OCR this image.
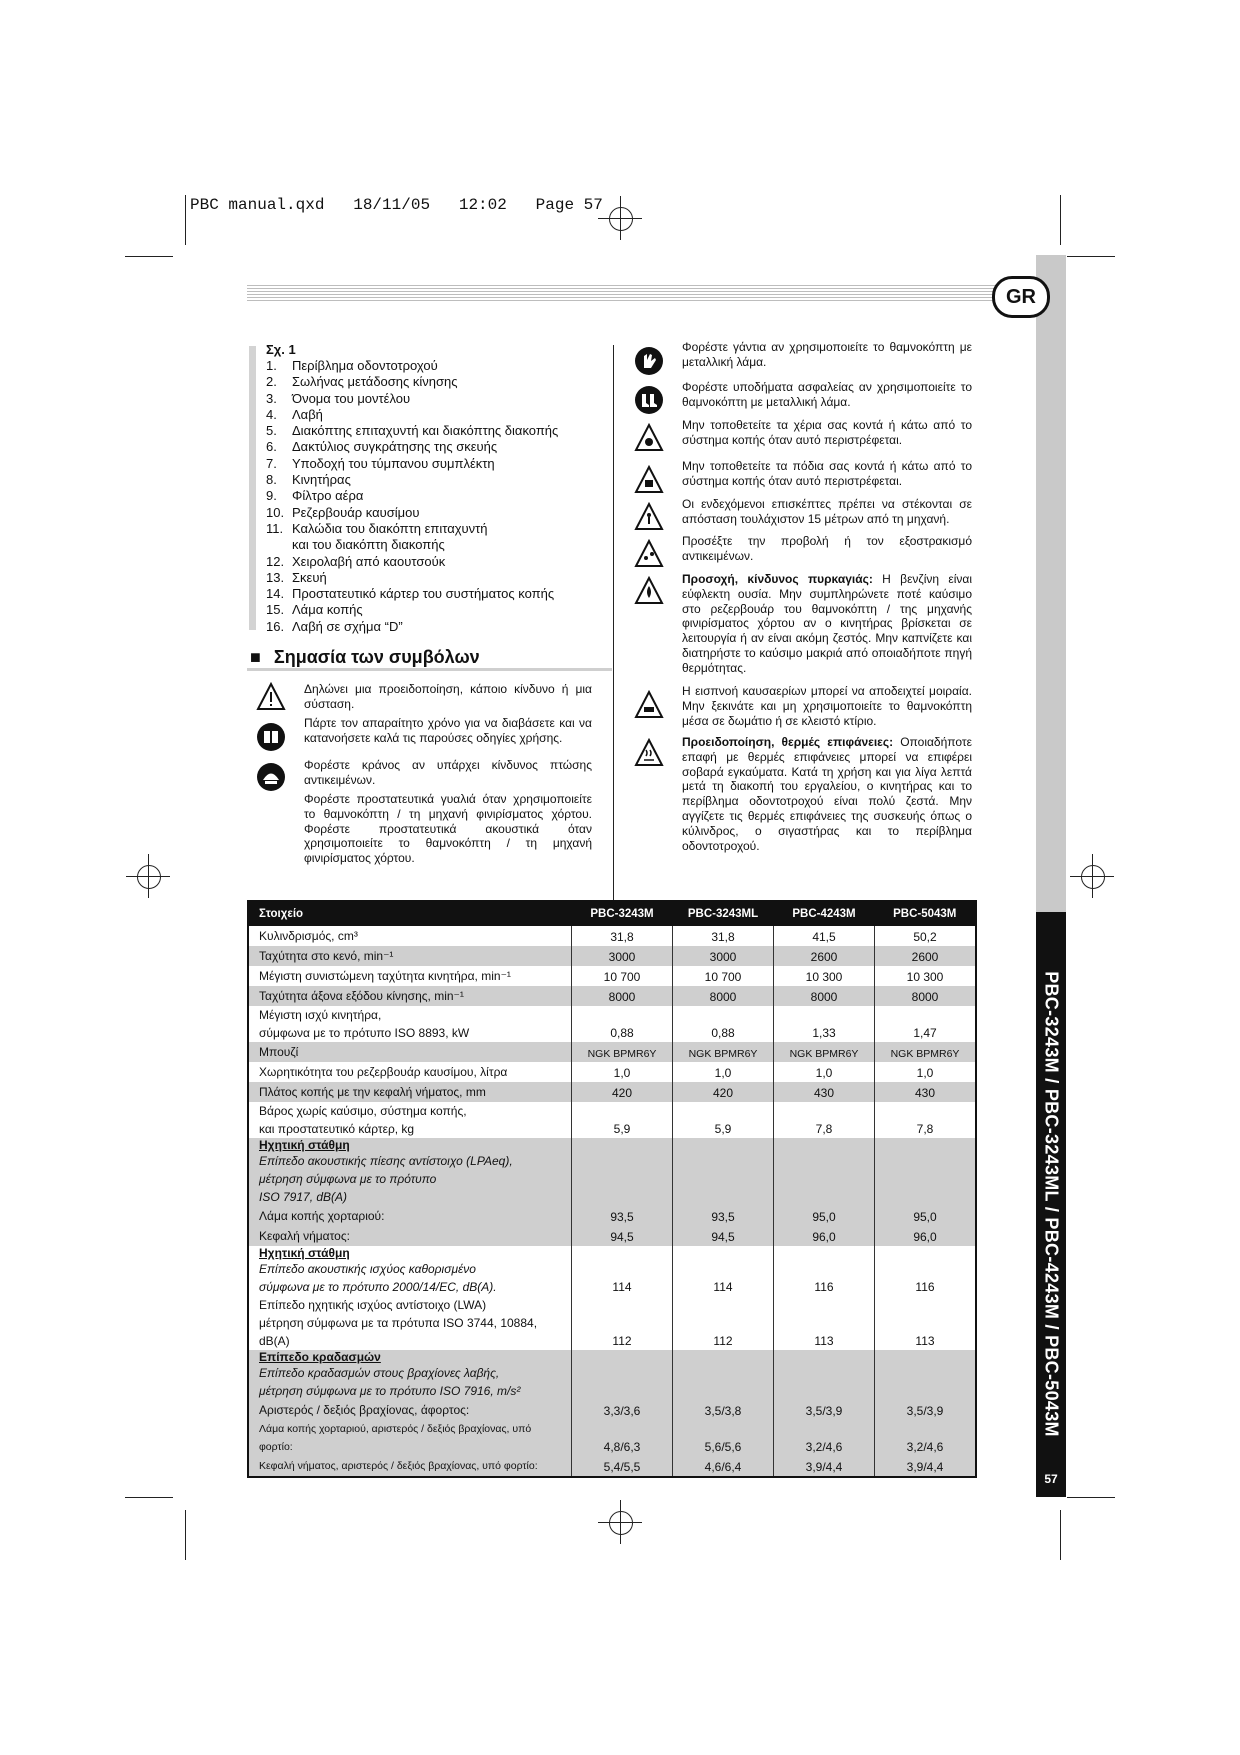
PBC manual.qxd   18/11/05   12:02   Page 57
GR
PBC-3243M / PBC-3243ML / PBC-4243M / PBC-5043M
57
Σχ. 1
1.	Περίβλημα οδοντοτροχού
2.	Σωλήνας μετάδοσης κίνησης
3.	Όνομα του μοντέλου
4.	Λαβή
5.	Διακόπτης επιταχυντή και διακόπτης διακοπής
6.	Δακτύλιος συγκράτησης της σκευής
7.	Υποδοχή του τύμπανου συμπλέκτη
8.	Κινητήρας
9.	Φίλτρο αέρα
10. Ρεζερβουάρ καυσίμου
11. Καλώδια του διακόπτη επιταχυντή
και του διακόπτη διακοπής
12. Χειρολαβή από καουτσούκ
13. Σκευή
14. Προστατευτικό κάρτερ του συστήματος κοπής
15. Λάμα κοπής
16. Λαβή σε σχήμα “D”
■ Σημασία των συμβόλων
Δηλώνει μια προειδοποίηση, κάποιο κίνδυνο ή μια σύσταση.
Πάρτε τον απαραίτητο χρόνο για να διαβάσετε και να κατανοήσετε καλά τις παρούσες οδηγίες χρήσης.
Φορέστε κράνος αν υπάρχει κίνδυνος πτώσης αντικειμένων.
Φορέστε προστατευτικά γυαλιά όταν χρησιμοποιείτε το θαμνοκόπτη / τη μηχανή φινιρίσματος χόρτου. Φορέστε προστατευτικά ακουστικά όταν χρησιμοποιείτε το θαμνοκόπτη / τη μηχανή φινιρίσματος χόρτου.
Φορέστε γάντια αν χρησιμοποιείτε το θαμνοκόπτη με μεταλλική λάμα.
Φορέστε υποδήματα ασφαλείας αν χρησιμοποιείτε το θαμνοκόπτη με μεταλλική λάμα.
Μην τοποθετείτε τα χέρια σας κοντά ή κάτω από το σύστημα κοπής όταν αυτό περιστρέφεται.
Μην τοποθετείτε τα πόδια σας κοντά ή κάτω από το σύστημα κοπής όταν αυτό περιστρέφεται.
Οι ενδεχόμενοι επισκέπτες πρέπει να στέκονται σε απόσταση τουλάχιστον 15 μέτρων από τη μηχανή.
Προσέξτε την προβολή ή τον εξοστρακισμό αντικειμένων.
Προσοχή, κίνδυνος πυρκαγιάς: Η βενζίνη είναι εύφλεκτη ουσία. Μην συμπληρώνετε ποτέ καύσιμο στο ρεζερβουάρ του θαμνοκόπτη / της μηχανής φινιρίσματος χόρτου αν ο κινητήρας βρίσκεται σε λειτουργία ή αν είναι ακόμη ζεστός. Μην καπνίζετε και διατηρήστε το καύσιμο μακριά από οποιαδήποτε πηγή θερμότητας.
Η εισπνοή καυσαερίων μπορεί να αποδειχτεί μοιραία. Μην ξεκινάτε και μη χρησιμοποιείτε το θαμνοκόπτη μέσα σε δωμάτιο ή σε κλειστό κτίριο.
Προειδοποίηση, θερμές επιφάνειες: Οποιαδήποτε επαφή με θερμές επιφάνειες μπορεί να επιφέρει σοβαρά εγκαύματα. Κατά τη χρήση και για λίγα λεπτά μετά τη διακοπή του εργαλείου, ο κινητήρας και το περίβλημα οδοντοτροχού είναι πολύ ζεστά. Μην αγγίζετε τις θερμές επιφάνειες της συσκευής όπως ο κύλινδρος, ο σιγαστήρας και το περίβλημα οδοντοτροχού.
Στοιχείο	PBC-3243M	PBC-3243ML	PBC-4243M	PBC-5043M

Κυλινδρισμός, cm³	31,8	31,8	41,5	50,2

Ταχύτητα στο κενό, min⁻¹	3000	3000	2600	2600

Μέγιστη συνιστώμενη ταχύτητα κινητήρα, min⁻¹	10 700	10 700	10 300	10 300

Ταχύτητα άξονα εξόδου κίνησης, min⁻¹	8000	8000	8000	8000

Μέγιστη ισχύ κινητήρα,
σύμφωνα με το πρότυπο ISO 8893, kW	0,88	0,88	1,33	1,47

Μπουζί	NGK BPMR6Y	NGK BPMR6Y	NGK BPMR6Y	NGK BPMR6Y

Χωρητικότητα του ρεζερβουάρ καυσίμου, λίτρα	1,0	1,0	1,0	1,0

Πλάτος κοπής με την κεφαλή νήματος, mm	420	420	430	430

Βάρος χωρίς καύσιμο, σύστημα κοπής,
και προστατευτικό κάρτερ, kg	5,9	5,9	7,8	7,8

Ηχητική στάθμη
Επίπεδο ακουστικής πίεσης αντίστοιχο (LPAeq),
μέτρηση σύμφωνα με το πρότυπο
ISO 7917, dB(A)				

Λάμα κοπής χορταριού:	93,5	93,5	95,0	95,0

Κεφαλή νήματος:	94,5	94,5	96,0	96,0

Ηχητική στάθμη
Επίπεδο ακουστικής ισχύος καθορισμένο
σύμφωνα με το πρότυπο 2000/14/EC, dB(A).	114	114	116	116

Επίπεδο ηχητικής ισχύος αντίστοιχο (LWA)
μέτρηση σύμφωνα με τα πρότυπα ISO 3744, 10884, dB(A)	112	112	113	113

Επίπεδο κραδασμών
Επίπεδο κραδασμών στους βραχίονες λαβής,
μέτρηση σύμφωνα με το πρότυπο ISO 7916, m/s²				

Αριστερός / δεξιός βραχίονας, άφορτος:	3,3/3,6	3,5/3,8	3,5/3,9	3,5/3,9

Λάμα κοπής χορταριού, αριστερός / δεξιός βραχίονας, υπό φορτίο:	4,8/6,3	5,6/5,6	3,2/4,6	3,2/4,6

Κεφαλή νήματος, αριστερός / δεξιός βραχίονας, υπό φορτίο:	5,4/5,5	4,6/6,4	3,9/4,4	3,9/4,4
